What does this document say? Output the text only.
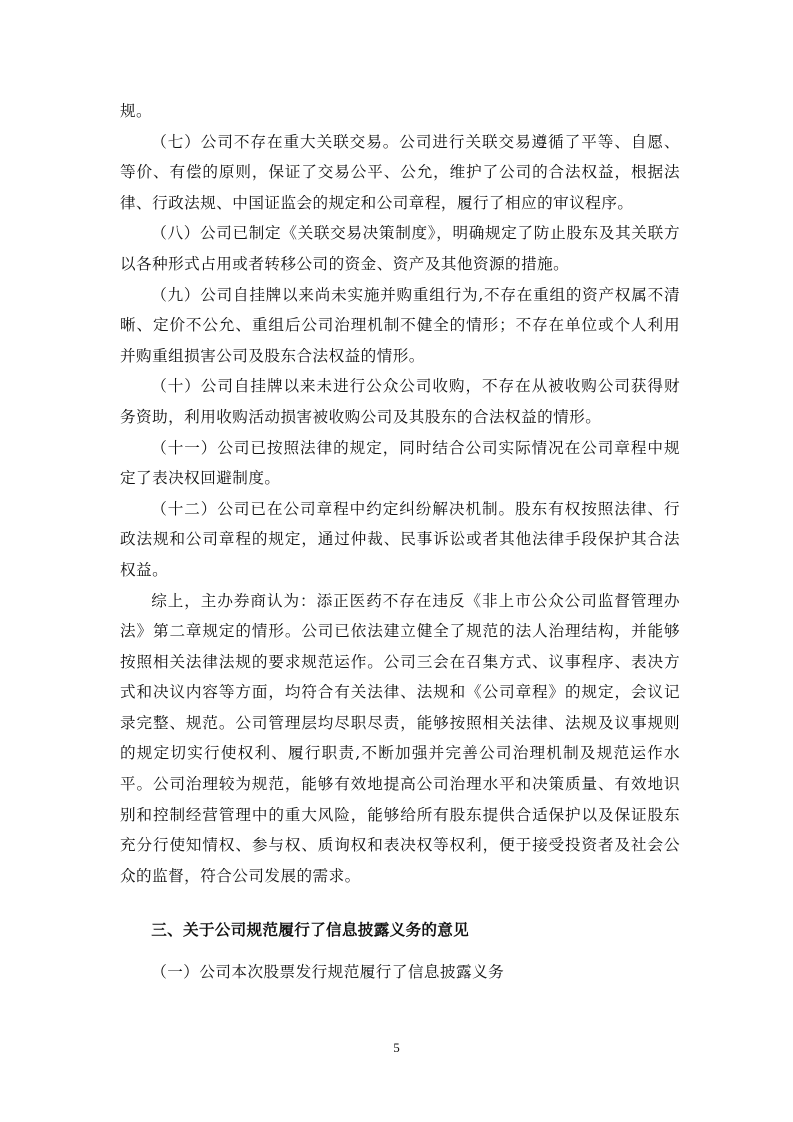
规。

（七）公司不存在重大关联交易。公司进行关联交易遵循了平等、自愿、等价、有偿的原则，保证了交易公平、公允，维护了公司的合法权益，根据法律、行政法规、中国证监会的规定和公司章程，履行了相应的审议程序。

（八）公司已制定《关联交易决策制度》，明确规定了防止股东及其关联方以各种形式占用或者转移公司的资金、资产及其他资源的措施。

（九）公司自挂牌以来尚未实施并购重组行为,不存在重组的资产权属不清晰、定价不公允、重组后公司治理机制不健全的情形；不存在单位或个人利用并购重组损害公司及股东合法权益的情形。

（十）公司自挂牌以来未进行公众公司收购，不存在从被收购公司获得财务资助，利用收购活动损害被收购公司及其股东的合法权益的情形。

（十一）公司已按照法律的规定，同时结合公司实际情况在公司章程中规定了表决权回避制度。

（十二）公司已在公司章程中约定纠纷解决机制。股东有权按照法律、行政法规和公司章程的规定，通过仲裁、民事诉讼或者其他法律手段保护其合法权益。

综上，主办券商认为：添正医药不存在违反《非上市公众公司监督管理办法》第二章规定的情形。公司已依法建立健全了规范的法人治理结构，并能够按照相关法律法规的要求规范运作。公司三会在召集方式、议事程序、表决方式和决议内容等方面，均符合有关法律、法规和《公司章程》的规定，会议记录完整、规范。公司管理层均尽职尽责，能够按照相关法律、法规及议事规则的规定切实行使权利、履行职责,不断加强并完善公司治理机制及规范运作水平。公司治理较为规范，能够有效地提高公司治理水平和决策质量、有效地识别和控制经营管理中的重大风险，能够给所有股东提供合适保护以及保证股东充分行使知情权、参与权、质询权和表决权等权利，便于接受投资者及社会公众的监督，符合公司发展的需求。

三、关于公司规范履行了信息披露义务的意见

（一）公司本次股票发行规范履行了信息披露义务

5
